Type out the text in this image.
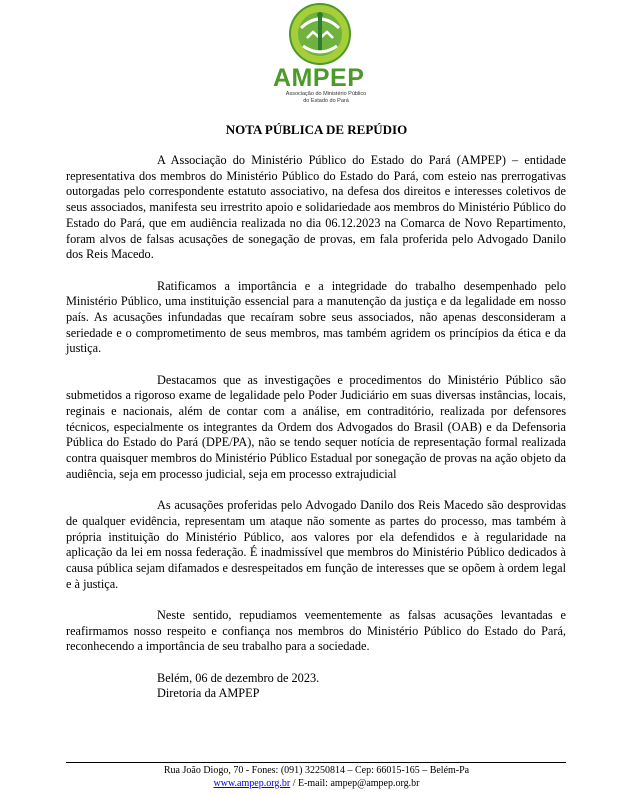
AMPEP
Associação do Ministério Público
do Estado do Pará
NOTA PÚBLICA DE REPÚDIO

A Associação do Ministério Público do Estado do Pará (AMPEP) – entidade representativa dos membros do Ministério Público do Estado do Pará, com esteio nas prerrogativas outorgadas pelo correspondente estatuto associativo, na defesa dos direitos e interesses coletivos de seus associados, manifesta seu irrestrito apoio e solidariedade aos membros do Ministério Público do Estado do Pará, que em audiência realizada no dia 06.12.2023 na Comarca de Novo Repartimento, foram alvos de falsas acusações de sonegação de provas, em fala proferida pelo Advogado Danilo dos Reis Macedo.

Ratificamos a importância e a integridade do trabalho desempenhado pelo Ministério Público, uma instituição essencial para a manutenção da justiça e da legalidade em nosso país. As acusações infundadas que recaíram sobre seus associados, não apenas desconsideram a seriedade e o comprometimento de seus membros, mas também agridem os princípios da ética e da justiça.

Destacamos que as investigações e procedimentos do Ministério Público são submetidos a rigoroso exame de legalidade pelo Poder Judiciário em suas diversas instâncias, locais, reginais e nacionais, além de contar com a análise, em contraditório, realizada por defensores técnicos, especialmente os integrantes da Ordem dos Advogados do Brasil (OAB) e da Defensoria Pública do Estado do Pará (DPE/PA), não se tendo sequer notícia de representação formal realizada contra quaisquer membros do Ministério Público Estadual por sonegação de provas na ação objeto da audiência, seja em processo judicial, seja em processo extrajudicial

As acusações proferidas pelo Advogado Danilo dos Reis Macedo são desprovidas de qualquer evidência, representam um ataque não somente as partes do processo, mas também à própria instituição do Ministério Público, aos valores por ela defendidos e à regularidade na aplicação da lei em nossa federação. É inadmissível que membros do Ministério Público dedicados à causa pública sejam difamados e desrespeitados em função de interesses que se opõem à ordem legal e à justiça.

Neste sentido, repudiamos veementemente as falsas acusações levantadas e reafirmamos nosso respeito e confiança nos membros do Ministério Público do Estado do Pará, reconhecendo a importância de seu trabalho para a sociedade.

Belém, 06 de dezembro de 2023.
Diretoria da AMPEP
Rua João Diogo, 70 - Fones: (091) 32250814 – Cep: 66015-165 – Belém-Pa
www.ampep.org.br / E-mail: ampep@ampep.org.br
